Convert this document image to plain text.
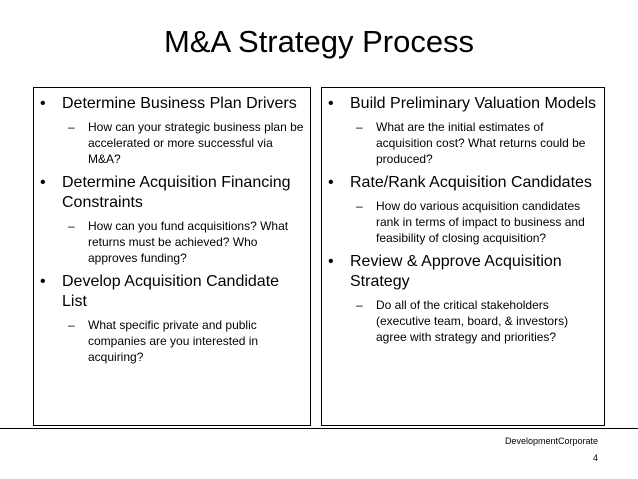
M&A Strategy Process
• Determine Business Plan Drivers
– How can your strategic business plan be accelerated or more successful via M&A?
• Determine Acquisition Financing Constraints
– How can you fund acquisitions? What returns must be achieved? Who approves funding?
• Develop Acquisition Candidate List
– What specific private and public companies are you interested in acquiring?
• Build Preliminary Valuation Models
– What are the initial estimates of acquisition cost? What returns could be produced?
• Rate/Rank Acquisition Candidates
– How do various acquisition candidates rank in terms of impact to business and feasibility of closing acquisition?
• Review & Approve Acquisition Strategy
– Do all of the critical stakeholders (executive team, board, & investors) agree with strategy and priorities?
DevelopmentCorporate
4
